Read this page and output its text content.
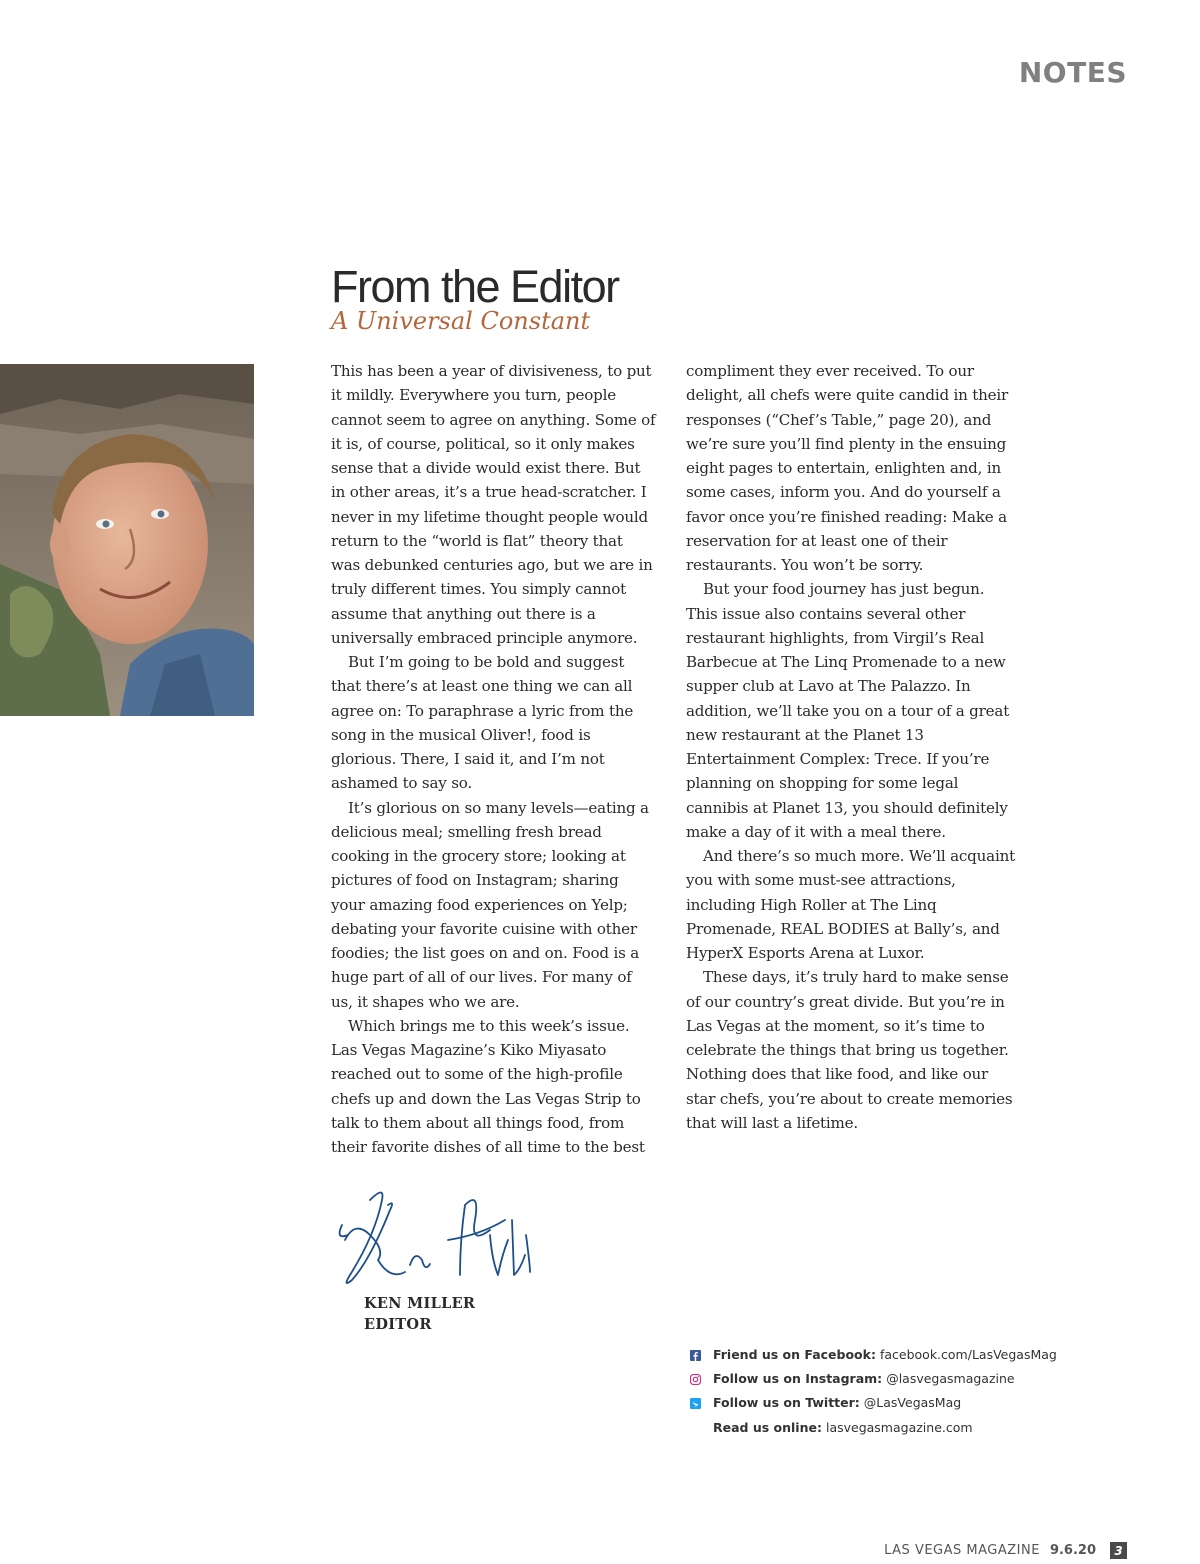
NOTES
From the Editor
A Universal Constant

This has been a year of divisiveness, to put it mildly. Everywhere you turn, people cannot seem to agree on anything. Some of it is, of course, political, so it only makes sense that a divide would exist there. But in other areas, it’s a true head-scratcher. I never in my lifetime thought people would return to the “world is flat” theory that was debunked centuries ago, but we are in truly different times. You simply cannot assume that anything out there is a universally embraced principle anymore.

But I’m going to be bold and suggest that there’s at least one thing we can all agree on: To paraphrase a lyric from the song in the musical Oliver!, food is glorious. There, I said it, and I’m not ashamed to say so.

It’s glorious on so many levels—eating a delicious meal; smelling fresh bread cooking in the grocery store; looking at pictures of food on Instagram; sharing your amazing food experiences on Yelp; debating your favorite cuisine with other foodies; the list goes on and on. Food is a huge part of all of our lives. For many of us, it shapes who we are.

Which brings me to this week’s issue. Las Vegas Magazine’s Kiko Miyasato reached out to some of the high-profile chefs up and down the Las Vegas Strip to talk to them about all things food, from their favorite dishes of all time to the best

compliment they ever received. To our delight, all chefs were quite candid in their responses (“Chef’s Table,” page 20), and we’re sure you’ll find plenty in the ensuing eight pages to entertain, enlighten and, in some cases, inform you. And do yourself a favor once you’re finished reading: Make a reservation for at least one of their restaurants. You won’t be sorry.

But your food journey has just begun. This issue also contains several other restaurant highlights, from Virgil’s Real Barbecue at The Linq Promenade to a new supper club at Lavo at The Palazzo. In addition, we’ll take you on a tour of a great new restaurant at the Planet 13 Entertainment Complex: Trece. If you’re planning on shopping for some legal cannibis at Planet 13, you should definitely make a day of it with a meal there.

And there’s so much more. We’ll acquaint you with some must-see attractions, including High Roller at The Linq Promenade, REAL BODIES at Bally’s, and HyperX Esports Arena at Luxor.

These days, it’s truly hard to make sense of our country’s great divide. But you’re in Las Vegas at the moment, so it’s time to celebrate the things that bring us together. Nothing does that like food, and like our star chefs, you’re about to create memories that will last a lifetime.

KEN MILLER
EDITOR
Friend us on Facebook: facebook.com/LasVegasMag
Follow us on Instagram: @lasvegasmagazine
Follow us on Twitter: @LasVegasMag
Read us online: lasvegasmagazine.com
LAS VEGAS MAGAZINE 9.6.20	3
